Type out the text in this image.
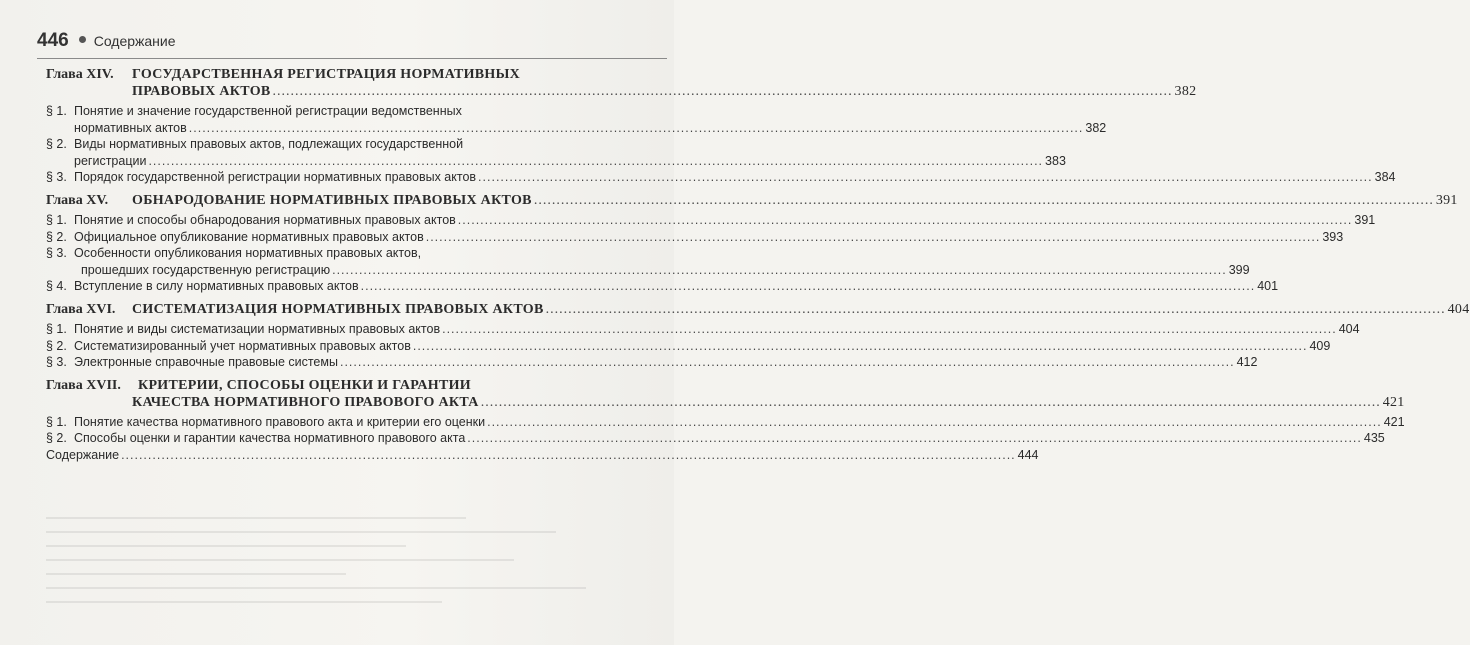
446 Содержание
Глава XIV.	ГОСУДАРСТВЕННАЯ РЕГИСТРАЦИЯ НОРМАТИВНЫХ
ПРАВОВЫХ АКТОВ .....	382
§ 1. Понятие и значение государственной регистрации ведомственных
нормативных актов .....	382
§ 2. Виды нормативных правовых актов, подлежащих государственной
регистрации .....	383
§ 3. Порядок государственной регистрации нормативных правовых актов .....	384
Глава XV.	ОБНАРОДОВАНИЕ НОРМАТИВНЫХ ПРАВОВЫХ АКТОВ .....	391
§ 1. Понятие и способы обнародования нормативных правовых актов .....	391
§ 2. Официальное опубликование нормативных правовых актов .....	393
§ 3. Особенности опубликования нормативных правовых актов,
прошедших государственную регистрацию .....	399
§ 4. Вступление в силу нормативных правовых актов .....	401
Глава XVI.	СИСТЕМАТИЗАЦИЯ НОРМАТИВНЫХ ПРАВОВЫХ АКТОВ .....	404
§ 1. Понятие и виды систематизации нормативных правовых актов .....	404
§ 2. Систематизированный учет нормативных правовых актов .....	409
§ 3. Электронные справочные правовые системы .....	412
Глава XVII.	КРИТЕРИИ, СПОСОБЫ ОЦЕНКИ И ГАРАНТИИ
КАЧЕСТВА НОРМАТИВНОГО ПРАВОВОГО АКТА .....	421
§ 1. Понятие качества нормативного правового акта и критерии его оценки .....	421
§ 2. Способы оценки и гарантии качества нормативного правового акта .....	435
Содержание .....	444
